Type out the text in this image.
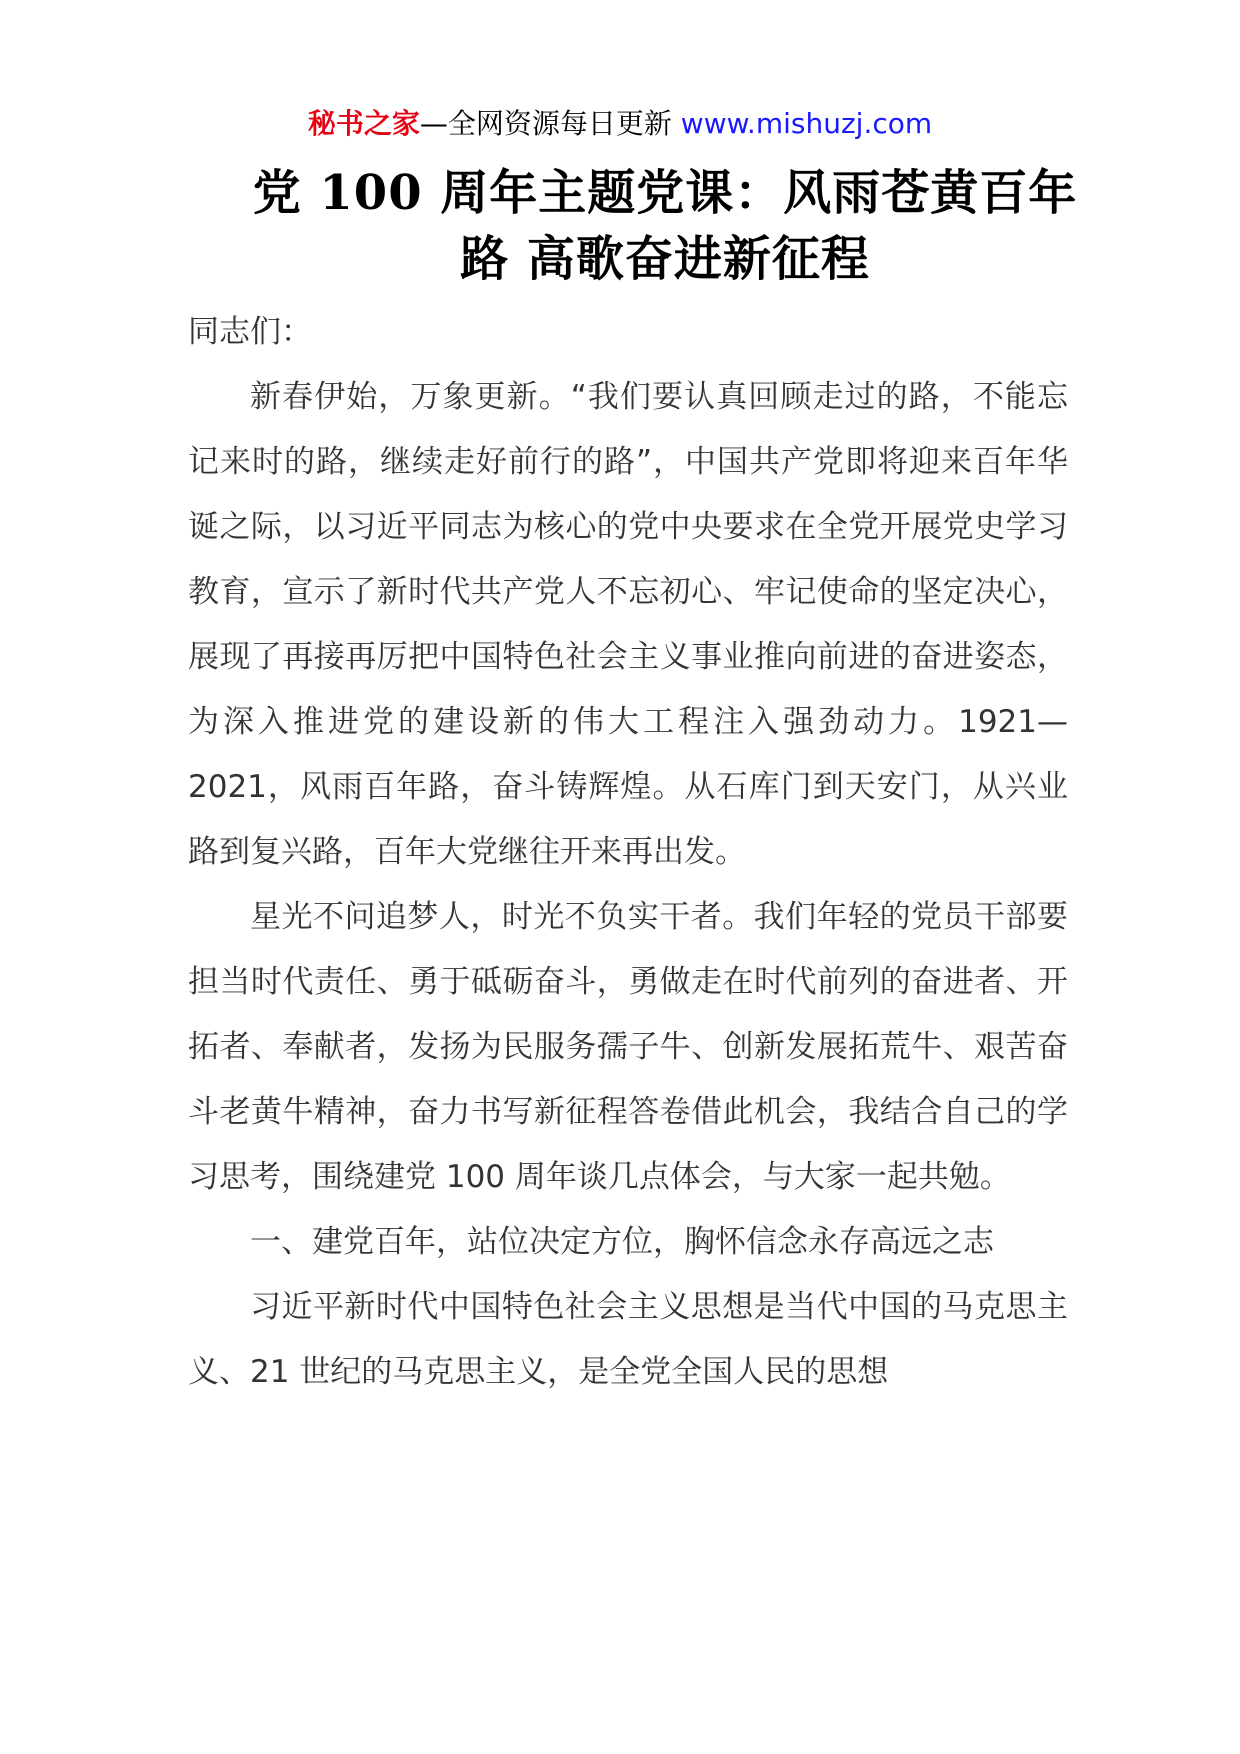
秘书之家—全网资源每日更新 www.mishuzj.com
党 100 周年主题党课：风雨苍黄百年
路 高歌奋进新征程

同志们：

新春伊始，万象更新。“我们要认真回顾走过的路，不能忘记来时的路，继续走好前行的路”，中国共产党即将迎来百年华诞之际，以习近平同志为核心的党中央要求在全党开展党史学习教育，宣示了新时代共产党人不忘初心、牢记使命的坚定决心，展现了再接再厉把中国特色社会主义事业推向前进的奋进姿态，为深入推进党的建设新的伟大工程注入强劲动力。1921—2021，风雨百年路，奋斗铸辉煌。从石库门到天安门，从兴业路到复兴路，百年大党继往开来再出发。

星光不问追梦人，时光不负实干者。我们年轻的党员干部要担当时代责任、勇于砥砺奋斗，勇做走在时代前列的奋进者、开拓者、奉献者，发扬为民服务孺子牛、创新发展拓荒牛、艰苦奋斗老黄牛精神，奋力书写新征程答卷借此机会，我结合自己的学习思考，围绕建党 100 周年谈几点体会，与大家一起共勉。

一、建党百年，站位决定方位，胸怀信念永存高远之志

习近平新时代中国特色社会主义思想是当代中国的马克思主义、21 世纪的马克思主义，是全党全国人民的思想
